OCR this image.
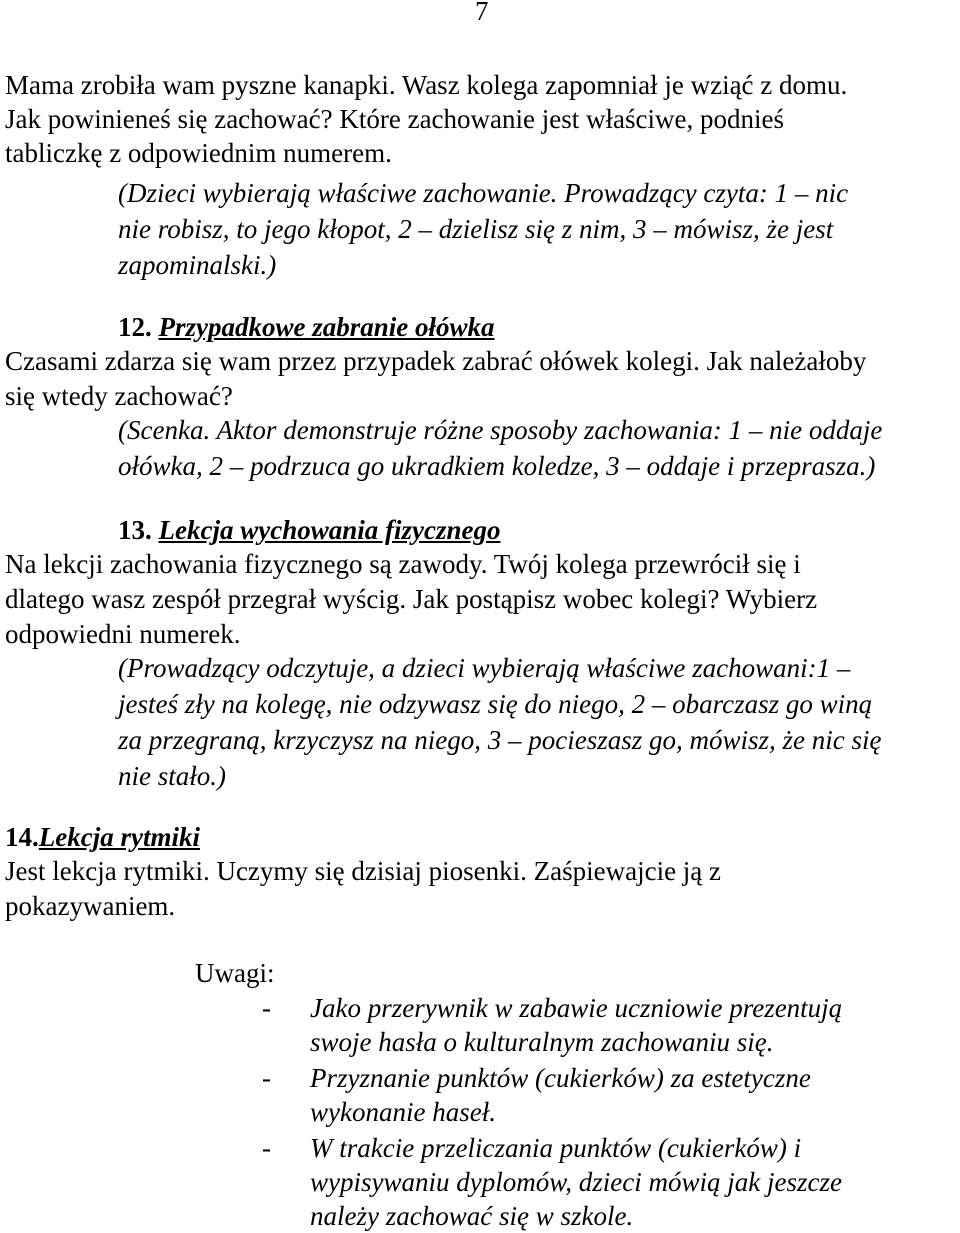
7
Mama zrobiła wam pyszne kanapki. Wasz kolega zapomniał je wziąć z domu.
Jak powinieneś się zachować? Które zachowanie jest właściwe, podnieś
tabliczkę z odpowiednim numerem.
(Dzieci wybierają właściwe zachowanie. Prowadzący czyta: 1 – nic
nie robisz, to jego kłopot, 2 – dzielisz się z nim, 3 – mówisz, że jest
zapominalski.)
12. Przypadkowe zabranie ołówka
Czasami zdarza się wam przez przypadek zabrać ołówek kolegi. Jak należałoby
się wtedy zachować?
(Scenka. Aktor demonstruje różne sposoby zachowania: 1 – nie oddaje
ołówka, 2 – podrzuca go ukradkiem koledze, 3 – oddaje i przeprasza.)
13. Lekcja wychowania fizycznego
Na lekcji zachowania fizycznego są zawody. Twój kolega przewrócił się i
dlatego wasz zespół przegrał wyścig. Jak postąpisz wobec kolegi? Wybierz
odpowiedni numerek.
(Prowadzący odczytuje, a dzieci wybierają właściwe zachowani:1 –
jesteś zły na kolegę, nie odzywasz się do niego, 2 – obarczasz go winą
za przegraną, krzyczysz na niego, 3 – pocieszasz go, mówisz, że nic się
nie stało.)
14.Lekcja rytmiki
Jest lekcja rytmiki. Uczymy się dzisiaj piosenki. Zaśpiewajcie ją z
pokazywaniem.
Uwagi:
- Jako przerywnik w zabawie uczniowie prezentują
swoje hasła o kulturalnym zachowaniu się.
- Przyznanie punktów (cukierków) za estetyczne
wykonanie haseł.
- W trakcie przeliczania punktów (cukierków) i
wypisywaniu dyplomów, dzieci mówią jak jeszcze
należy zachować się w szkole.
